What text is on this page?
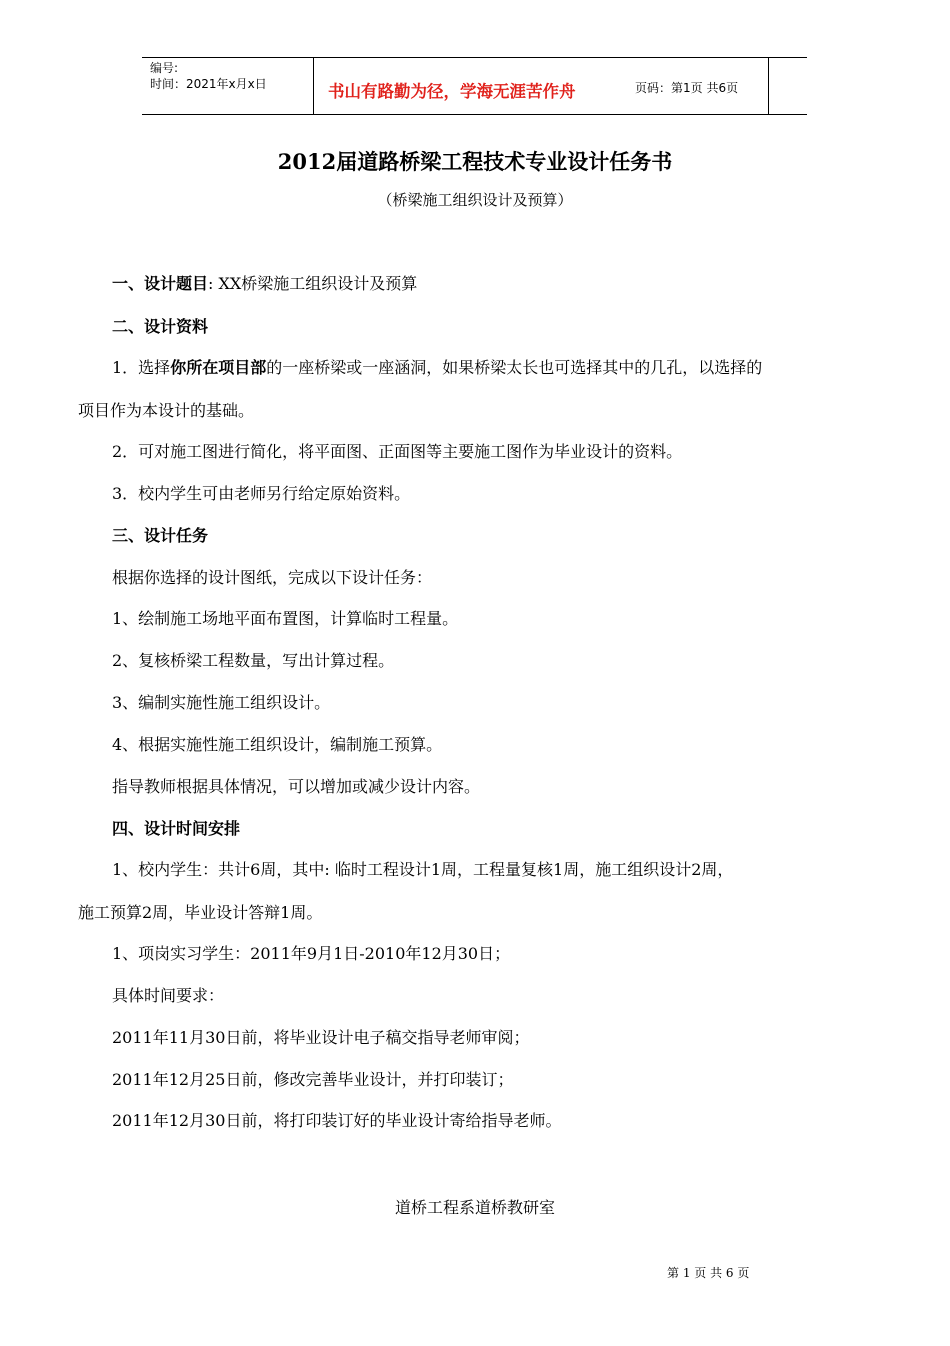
编号:
时间：2021年x月x日	书山有路勤为径，学海无涯苦作舟	页码：第1页 共6页
2012届道路桥梁工程技术专业设计任务书
（桥梁施工组织设计及预算）
一、设计题目: XX桥梁施工组织设计及预算
二、设计资料
1．选择你所在项目部的一座桥梁或一座涵洞，如果桥梁太长也可选择其中的几孔，以选择的
项目作为本设计的基础。
2．可对施工图进行简化，将平面图、正面图等主要施工图作为毕业设计的资料。
3．校内学生可由老师另行给定原始资料。
三、设计任务
根据你选择的设计图纸，完成以下设计任务：
1、绘制施工场地平面布置图，计算临时工程量。
2、复核桥梁工程数量，写出计算过程。
3、编制实施性施工组织设计。
4、根据实施性施工组织设计，编制施工预算。
指导教师根据具体情况，可以增加或减少设计内容。
四、设计时间安排
1、校内学生：共计6周，其中: 临时工程设计1周，工程量复核1周，施工组织设计2周，
施工预算2周，毕业设计答辩1周。
1、项岗实习学生：2011年9月1日-2010年12月30日；
具体时间要求：
2011年11月30日前，将毕业设计电子稿交指导老师审阅；
2011年12月25日前，修改完善毕业设计，并打印装订；
2011年12月30日前，将打印装订好的毕业设计寄给指导老师。
道桥工程系道桥教研室
第 1 页 共 6 页
